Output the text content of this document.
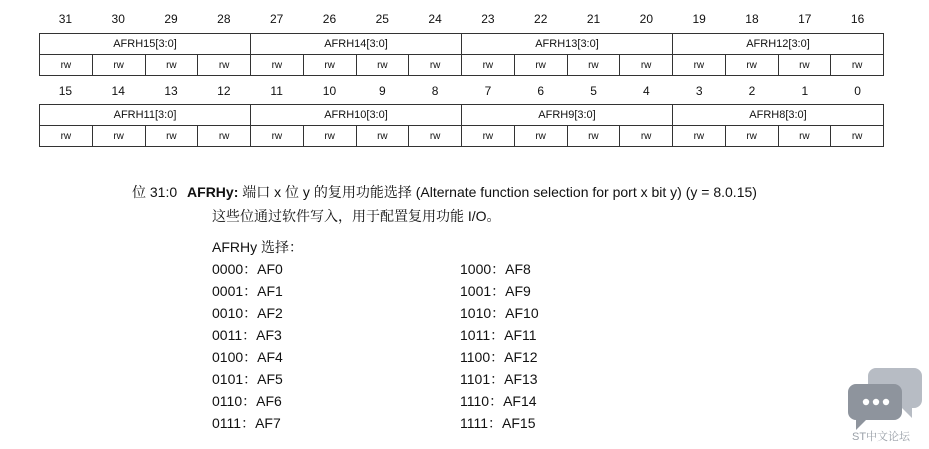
31	30	29	28	27	26	25	24	23	22	21	20	19	18	17	16
AFRH15[3:0]				AFRH14[3:0]				AFRH13[3:0]				AFRH12[3:0]			
rw	rw	rw	rw	rw	rw	rw	rw	rw	rw	rw	rw	rw	rw	rw	rw
15	14	13	12	11	10	9	8	7	6	5	4	3	2	1	0
AFRH11[3:0]				AFRH10[3:0]				AFRH9[3:0]				AFRH8[3:0]			
rw	rw	rw	rw	rw	rw	rw	rw	rw	rw	rw	rw	rw	rw	rw	rw
位 31:0 AFRHy: 端口 x 位 y 的复用功能选择 (Alternate function selection for port x bit y) (y = 8.0.15)
这些位通过软件写入，用于配置复用功能 I/O。
AFRHy 选择：
0000：AF0
0001：AF1
0010：AF2
0011：AF3
0100：AF4
0101：AF5
0110：AF6
0111：AF7
1000：AF8
1001：AF9
1010：AF10
1011：AF11
1100：AF12
1101：AF13
1110：AF14
1111：AF15
ST中文论坛
